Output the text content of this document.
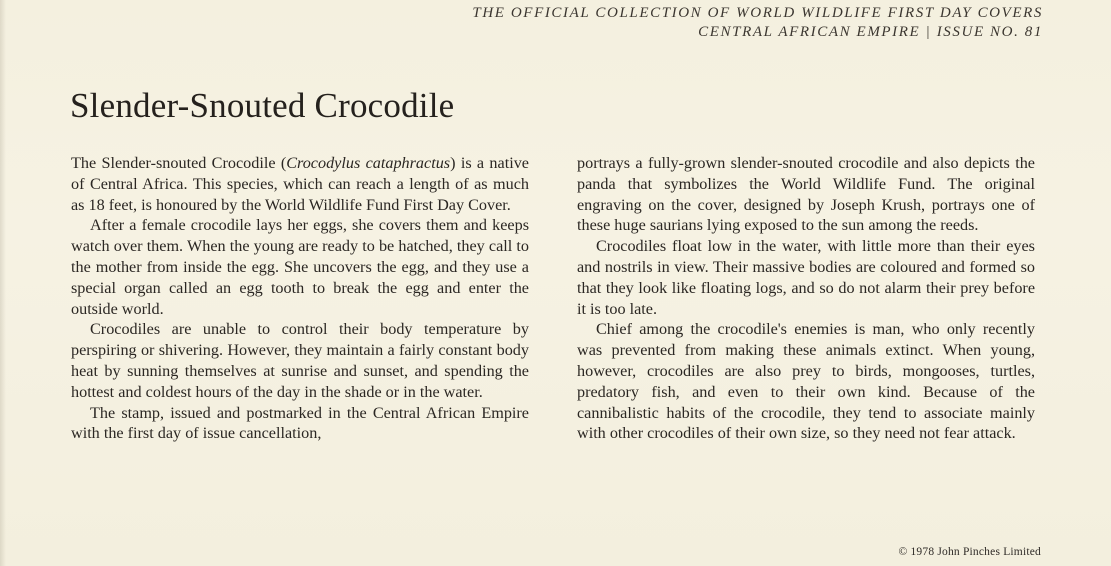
THE OFFICIAL COLLECTION OF WORLD WILDLIFE FIRST DAY COVERS
CENTRAL AFRICAN EMPIRE | ISSUE NO. 81
Slender-Snouted Crocodile

The Slender-snouted Crocodile (Crocodylus cataphractus) is a native of Central Africa. This species, which can reach a length of as much as 18 feet, is honoured by the World Wildlife Fund First Day Cover.

After a female crocodile lays her eggs, she covers them and keeps watch over them. When the young are ready to be hatched, they call to the mother from inside the egg. She uncovers the egg, and they use a special organ called an egg tooth to break the egg and enter the outside world.

Crocodiles are unable to control their body temperature by perspiring or shivering. However, they maintain a fairly constant body heat by sunning themselves at sunrise and sunset, and spending the hottest and coldest hours of the day in the shade or in the water.

The stamp, issued and postmarked in the Central African Empire with the first day of issue cancellation,

portrays a fully-grown slender-snouted crocodile and also depicts the panda that symbolizes the World Wildlife Fund. The original engraving on the cover, designed by Joseph Krush, portrays one of these huge saurians lying exposed to the sun among the reeds.

Crocodiles float low in the water, with little more than their eyes and nostrils in view. Their massive bodies are coloured and formed so that they look like floating logs, and so do not alarm their prey before it is too late.

Chief among the crocodile's enemies is man, who only recently was prevented from making these animals extinct. When young, however, crocodiles are also prey to birds, mongooses, turtles, predatory fish, and even to their own kind. Because of the cannibalistic habits of the crocodile, they tend to associate mainly with other crocodiles of their own size, so they need not fear attack.

© 1978 John Pinches Limited
